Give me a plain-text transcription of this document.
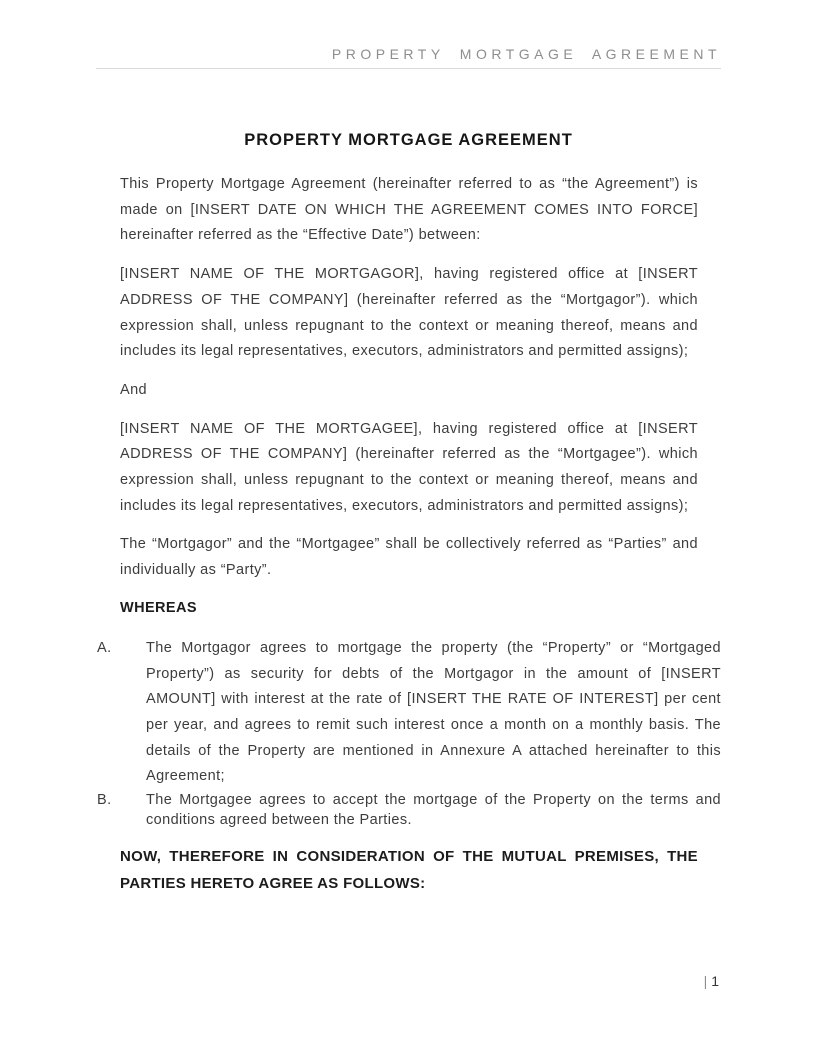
PROPERTY MORTGAGE AGREEMENT
PROPERTY MORTGAGE AGREEMENT

This Property Mortgage Agreement (hereinafter referred to as “the Agreement”) is made on [INSERT DATE ON WHICH THE AGREEMENT COMES INTO FORCE] hereinafter referred as the “Effective Date”) between:

[INSERT NAME OF THE MORTGAGOR], having registered office at [INSERT ADDRESS OF THE COMPANY] (hereinafter referred as the “Mortgagor”). which expression shall, unless repugnant to the context or meaning thereof, means and includes its legal representatives, executors, administrators and permitted assigns);

And

[INSERT NAME OF THE MORTGAGEE], having registered office at [INSERT ADDRESS OF THE COMPANY] (hereinafter referred as the “Mortgagee”). which expression shall, unless repugnant to the context or meaning thereof, means and includes its legal representatives, executors, administrators and permitted assigns);

The “Mortgagor” and the “Mortgagee” shall be collectively referred as “Parties” and individually as “Party”.

WHEREAS
A.	The Mortgagor agrees to mortgage the property (the “Property” or “Mortgaged Property”) as security for debts of the Mortgagor in the amount of [INSERT AMOUNT] with interest at the rate of [INSERT THE RATE OF INTEREST] per cent per year, and agrees to remit such interest once a month on a monthly basis. The details of the Property are mentioned in Annexure A attached hereinafter to this Agreement;
B.	The Mortgagee agrees to accept the mortgage of the Property on the terms and conditions agreed between the Parties.

NOW, THEREFORE IN CONSIDERATION OF THE MUTUAL PREMISES, THE PARTIES HERETO AGREE AS FOLLOWS:

| 1
